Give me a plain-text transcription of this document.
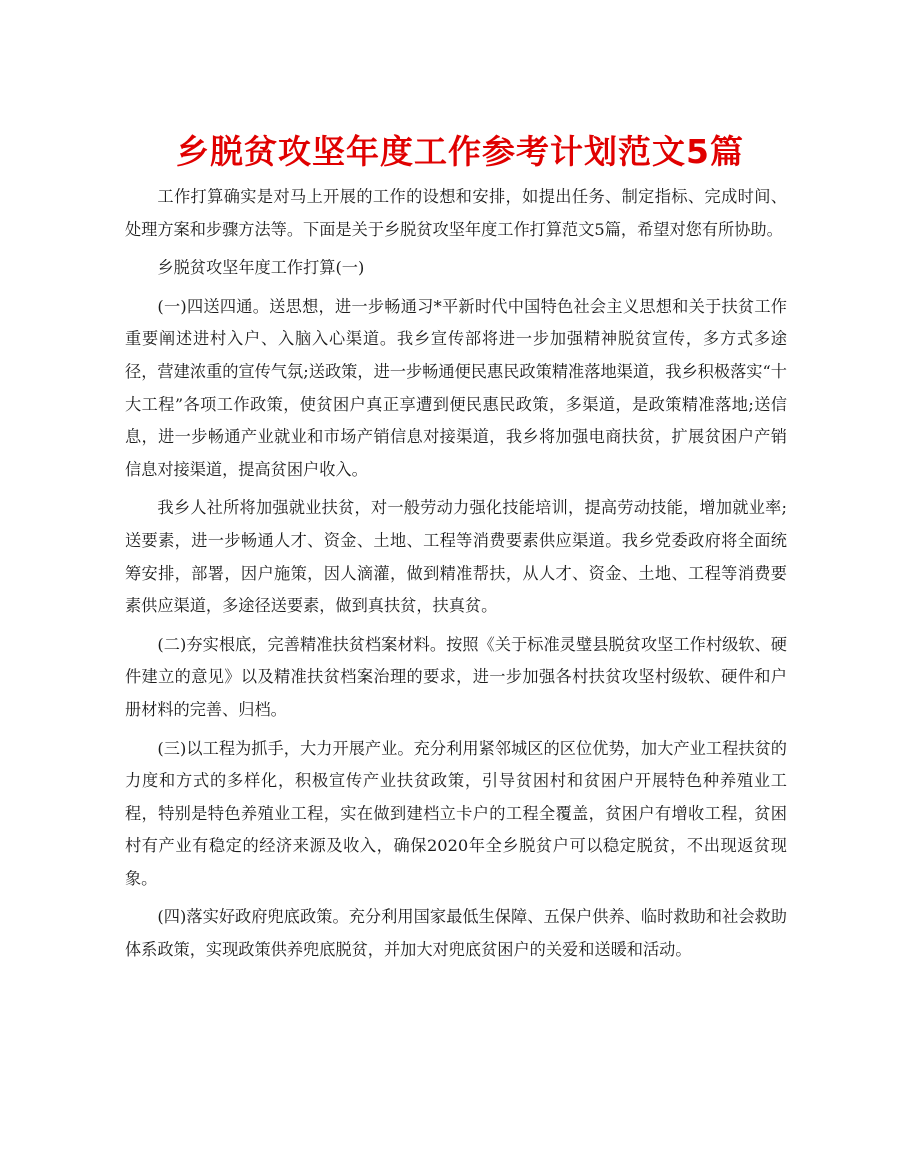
乡脱贫攻坚年度工作参考计划范文5篇

工作打算确实是对马上开展的工作的设想和安排，如提出任务、制定指标、完成时间、处理方案和步骤方法等。下面是关于乡脱贫攻坚年度工作打算范文5篇，希望对您有所协助。

乡脱贫攻坚年度工作打算(一)

(一)四送四通。送思想，进一步畅通习*平新时代中国特色社会主义思想和关于扶贫工作重要阐述进村入户、入脑入心渠道。我乡宣传部将进一步加强精神脱贫宣传，多方式多途径，营建浓重的宣传气氛;送政策，进一步畅通便民惠民政策精准落地渠道，我乡积极落实“十大工程”各项工作政策，使贫困户真正享遭到便民惠民政策，多渠道，是政策精准落地;送信息，进一步畅通产业就业和市场产销信息对接渠道，我乡将加强电商扶贫，扩展贫困户产销信息对接渠道，提高贫困户收入。

我乡人社所将加强就业扶贫，对一般劳动力强化技能培训，提高劳动技能，增加就业率;送要素，进一步畅通人才、资金、土地、工程等消费要素供应渠道。我乡党委政府将全面统筹安排，部署，因户施策，因人滴灌，做到精准帮扶，从人才、资金、土地、工程等消费要素供应渠道，多途径送要素，做到真扶贫，扶真贫。

(二)夯实根底，完善精准扶贫档案材料。按照《关于标准灵璧县脱贫攻坚工作村级软、硬件建立的意见》以及精准扶贫档案治理的要求，进一步加强各村扶贫攻坚村级软、硬件和户册材料的完善、归档。

(三)以工程为抓手，大力开展产业。充分利用紧邻城区的区位优势，加大产业工程扶贫的力度和方式的多样化，积极宣传产业扶贫政策，引导贫困村和贫困户开展特色种养殖业工程，特别是特色养殖业工程，实在做到建档立卡户的工程全覆盖，贫困户有增收工程，贫困村有产业有稳定的经济来源及收入，确保2020年全乡脱贫户可以稳定脱贫，不出现返贫现象。

(四)落实好政府兜底政策。充分利用国家最低生保障、五保户供养、临时救助和社会救助体系政策，实现政策供养兜底脱贫，并加大对兜底贫困户的关爱和送暖和活动。
